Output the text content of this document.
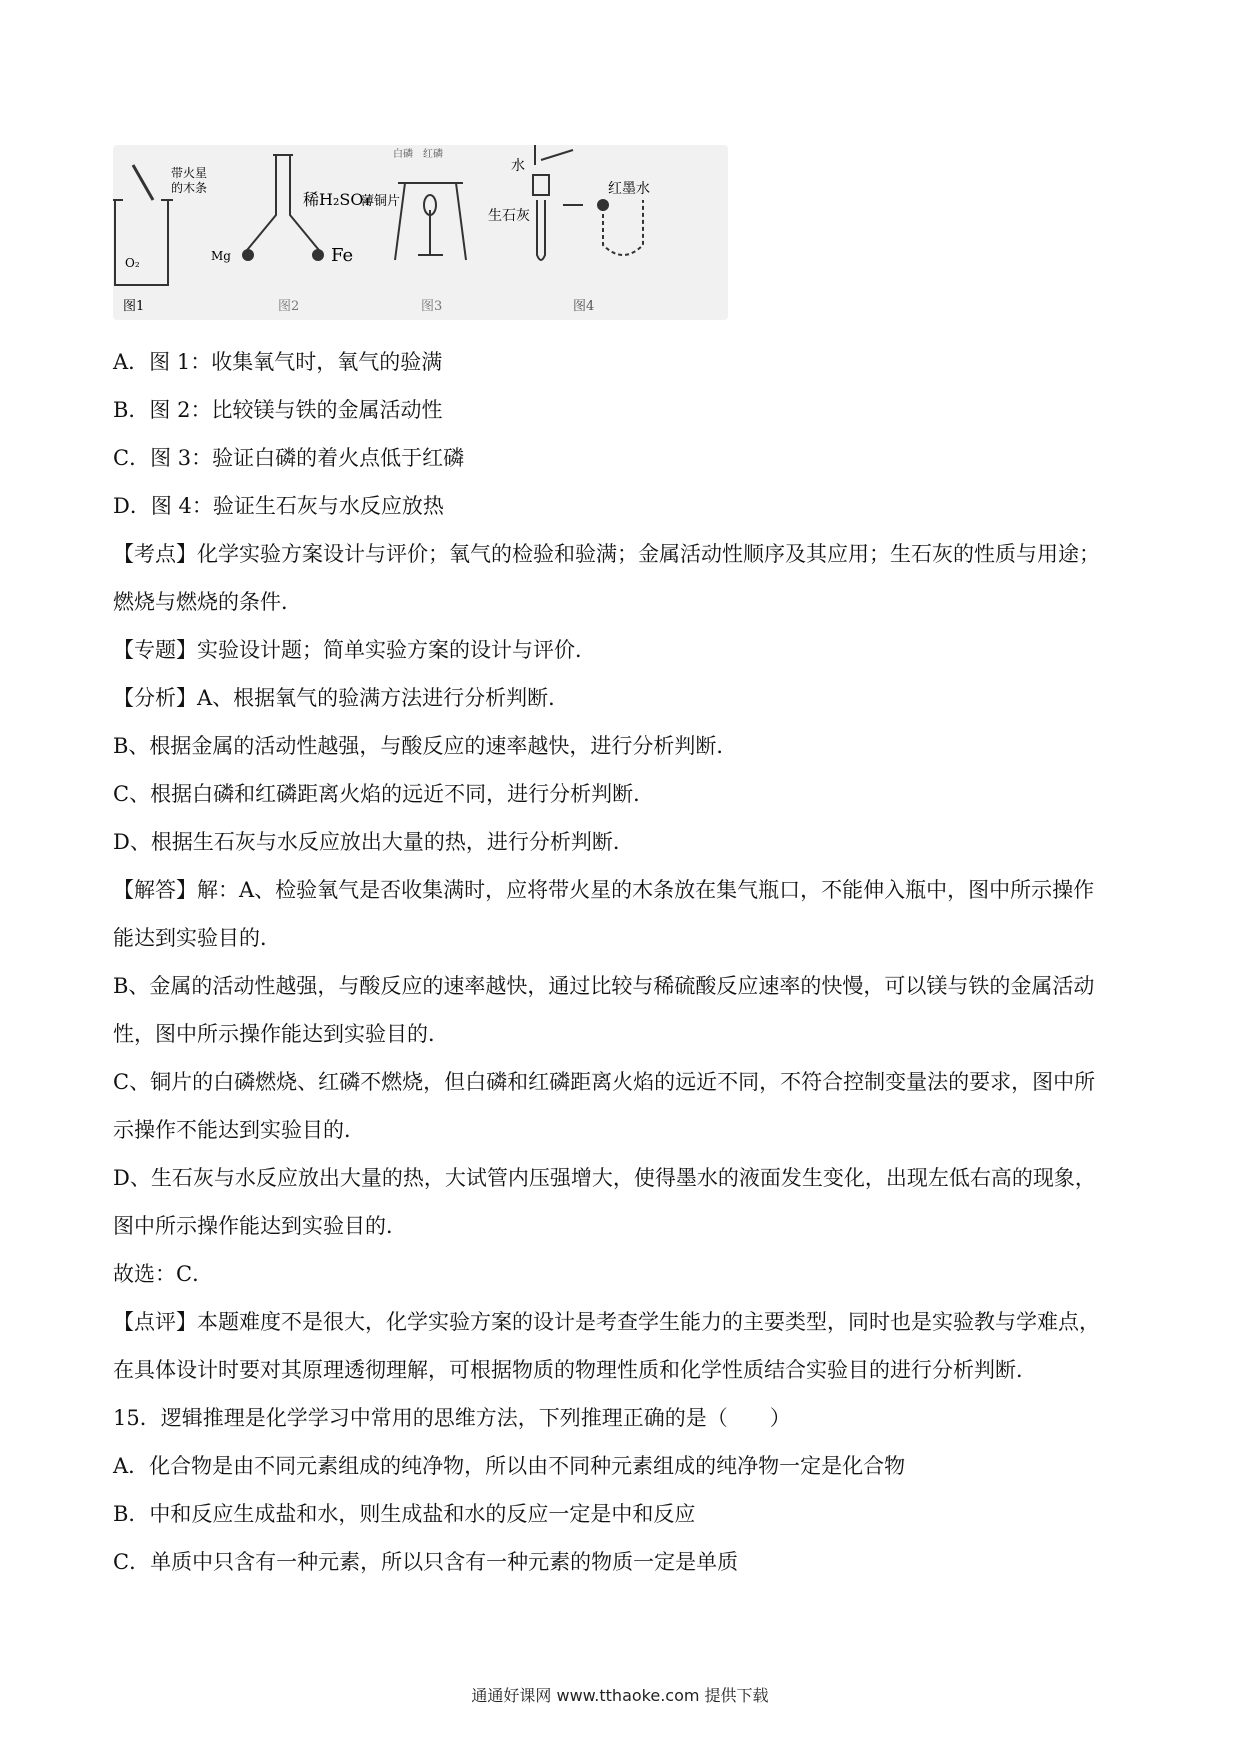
带火星
的木条
O₂
图1
稀H₂SO₄
Mg	Fe
图2
白磷 红磷
薄铜片
图3
水
生石灰
红墨水
图4
A．图 1：收集氧气时，氧气的验满
B．图 2：比较镁与铁的金属活动性
C．图 3：验证白磷的着火点低于红磷
D．图 4：验证生石灰与水反应放热
【考点】化学实验方案设计与评价；氧气的检验和验满；金属活动性顺序及其应用；生石灰的性质与用途；
燃烧与燃烧的条件．
【专题】实验设计题；简单实验方案的设计与评价．
【分析】A、根据氧气的验满方法进行分析判断．
B、根据金属的活动性越强，与酸反应的速率越快，进行分析判断．
C、根据白磷和红磷距离火焰的远近不同，进行分析判断．
D、根据生石灰与水反应放出大量的热，进行分析判断．
【解答】解：A、检验氧气是否收集满时，应将带火星的木条放在集气瓶口，不能伸入瓶中，图中所示操作
能达到实验目的．
B、金属的活动性越强，与酸反应的速率越快，通过比较与稀硫酸反应速率的快慢，可以镁与铁的金属活动
性，图中所示操作能达到实验目的．
C、铜片的白磷燃烧、红磷不燃烧，但白磷和红磷距离火焰的远近不同，不符合控制变量法的要求，图中所
示操作不能达到实验目的．
D、生石灰与水反应放出大量的热，大试管内压强增大，使得墨水的液面发生变化，出现左低右高的现象，
图中所示操作能达到实验目的．
故选：C．
【点评】本题难度不是很大，化学实验方案的设计是考查学生能力的主要类型，同时也是实验教与学难点，
在具体设计时要对其原理透彻理解，可根据物质的物理性质和化学性质结合实验目的进行分析判断．
15．逻辑推理是化学学习中常用的思维方法，下列推理正确的是（　　）
A．化合物是由不同元素组成的纯净物，所以由不同种元素组成的纯净物一定是化合物
B．中和反应生成盐和水，则生成盐和水的反应一定是中和反应
C．单质中只含有一种元素，所以只含有一种元素的物质一定是单质
通通好课网 www.tthaoke.com 提供下载
